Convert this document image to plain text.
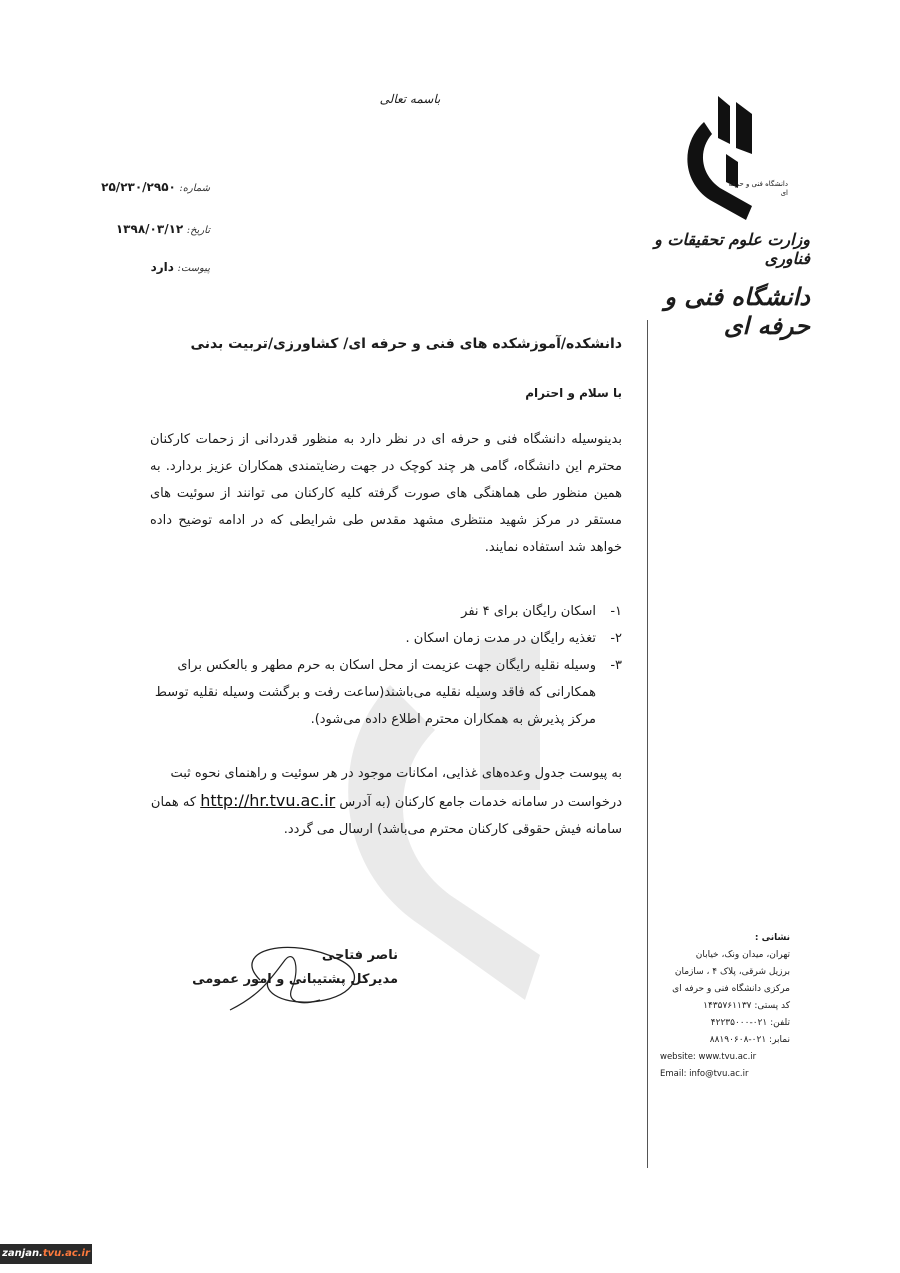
باسمه تعالی
شماره: ۲۵/۲۳۰/۲۹۵۰
تاریخ: ۱۳۹۸/۰۳/۱۲
پیوست: دارد
دانشگاه فنی و حرفه ای
وزارت علوم تحقیقات و فناوری
دانشگاه فنی و حرفه ای
دانشکده/آموزشکده های فنی و حرفه ای/ کشاورزی/تربیت بدنی
با سلام و احترام
بدینوسیله دانشگاه فنی و حرفه ای در نظر دارد به منظور قدردانی از زحمات کارکنان محترم این دانشگاه، گامی هر چند کوچک در جهت رضایتمندی همکاران عزیز بردارد. به همین منظور طی هماهنگی های صورت گرفته کلیه کارکنان می توانند از سوئیت های مستقر در مرکز شهید منتظری مشهد مقدس طی شرایطی که در ادامه توضیح داده خواهد شد استفاده نمایند.
۱-
اسکان رایگان برای ۴ نفر
۲-
تغذیه رایگان در مدت زمان اسکان .
۳-
وسیله نقلیه رایگان جهت عزیمت از محل اسکان به حرم مطهر و بالعکس برای همکارانی که فاقد وسیله نقلیه می‌باشند(ساعت رفت و برگشت وسیله نقلیه توسط مرکز پذیرش به همکاران محترم اطلاع داده می‌شود).
به پیوست جدول وعده‌های غذایی، امکانات موجود در هر سوئیت و راهنمای نحوه ثبت درخواست در سامانه خدمات جامع کارکنان (به آدرس http://hr.tvu.ac.ir که همان سامانه فیش حقوقی کارکنان محترم می‌باشد) ارسال می گردد.
ناصر فتاحی
مدیرکل پشتیبانی و امور عمومی
نشانی :
تهران، میدان ونک، خیابان
برزیل شرقی، پلاک ۴ ، سازمان
مرکزی دانشگاه فنی و حرفه ای
کد پستی: ۱۴۳۵۷۶۱۱۳۷
تلفن: ۰۲۱-۴۲۲۳۵۰۰۰
نمابر: ۰۲۱-۸۸۱۹۰۶۰۸
website: www.tvu.ac.ir
Email: info@tvu.ac.ir
zanjan.tvu.ac.ir
